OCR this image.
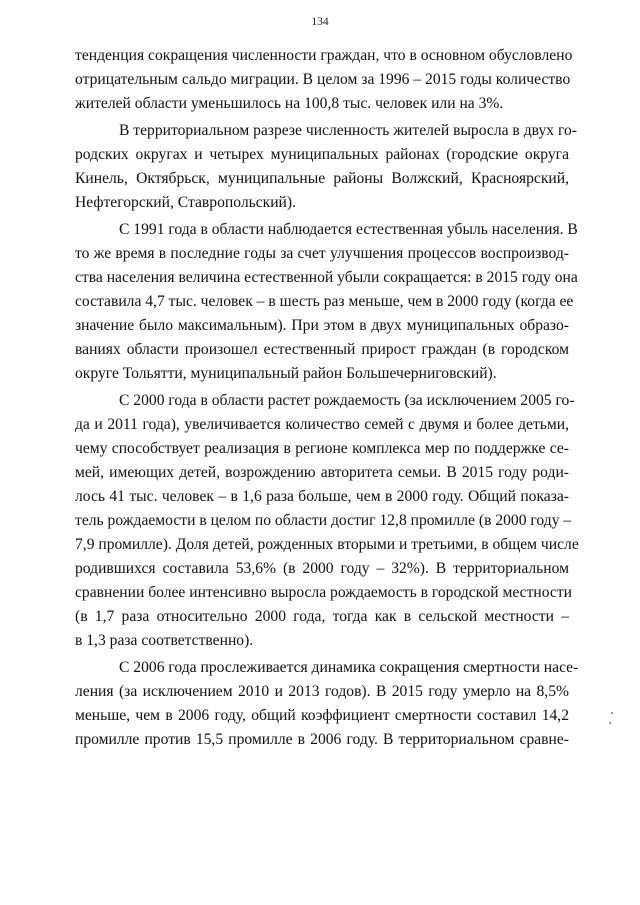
134
тенденция сокращения численности граждан, что в основном обусловлено
отрицательным сальдо миграции. В целом за 1996 – 2015 годы количество
жителей области уменьшилось на 100,8 тыс. человек или на 3%.
В территориальном разрезе численность жителей выросла в двух го-
родских округах и четырех муниципальных районах (городские округа
Кинель, Октябрьск, муниципальные районы Волжский, Красноярский,
Нефтегорский, Ставропольский).
С 1991 года в области наблюдается естественная убыль населения. В
то же время в последние годы за счет улучшения процессов воспроизвод-
ства населения величина естественной убыли сокращается: в 2015 году она
составила 4,7 тыс. человек – в шесть раз меньше, чем в 2000 году (когда ее
значение было максимальным). При этом в двух муниципальных образо-
ваниях области произошел естественный прирост граждан (в городском
округе Тольятти, муниципальный район Большечерниговский).
С 2000 года в области растет рождаемость (за исключением 2005 го-
да и 2011 года), увеличивается количество семей с двумя и более детьми,
чему способствует реализация в регионе комплекса мер по поддержке се-
мей, имеющих детей, возрождению авторитета семьи. В 2015 году роди-
лось 41 тыс. человек – в 1,6 раза больше, чем в 2000 году. Общий показа-
тель рождаемости в целом по области достиг 12,8 промилле (в 2000 году –
7,9 промилле). Доля детей, рожденных вторыми и третьими, в общем числе
родившихся составила 53,6% (в 2000 году – 32%). В территориальном
сравнении более интенсивно выросла рождаемость в городской местности
(в 1,7 раза относительно 2000 года, тогда как в сельской местности –
в 1,3 раза соответственно).
С 2006 года прослеживается динамика сокращения смертности насе-
ления (за исключением 2010 и 2013 годов). В 2015 году умерло на 8,5%
меньше, чем в 2006 году, общий коэффициент смертности составил 14,2
промилле против 15,5 промилле в 2006 году. В территориальном сравне-
